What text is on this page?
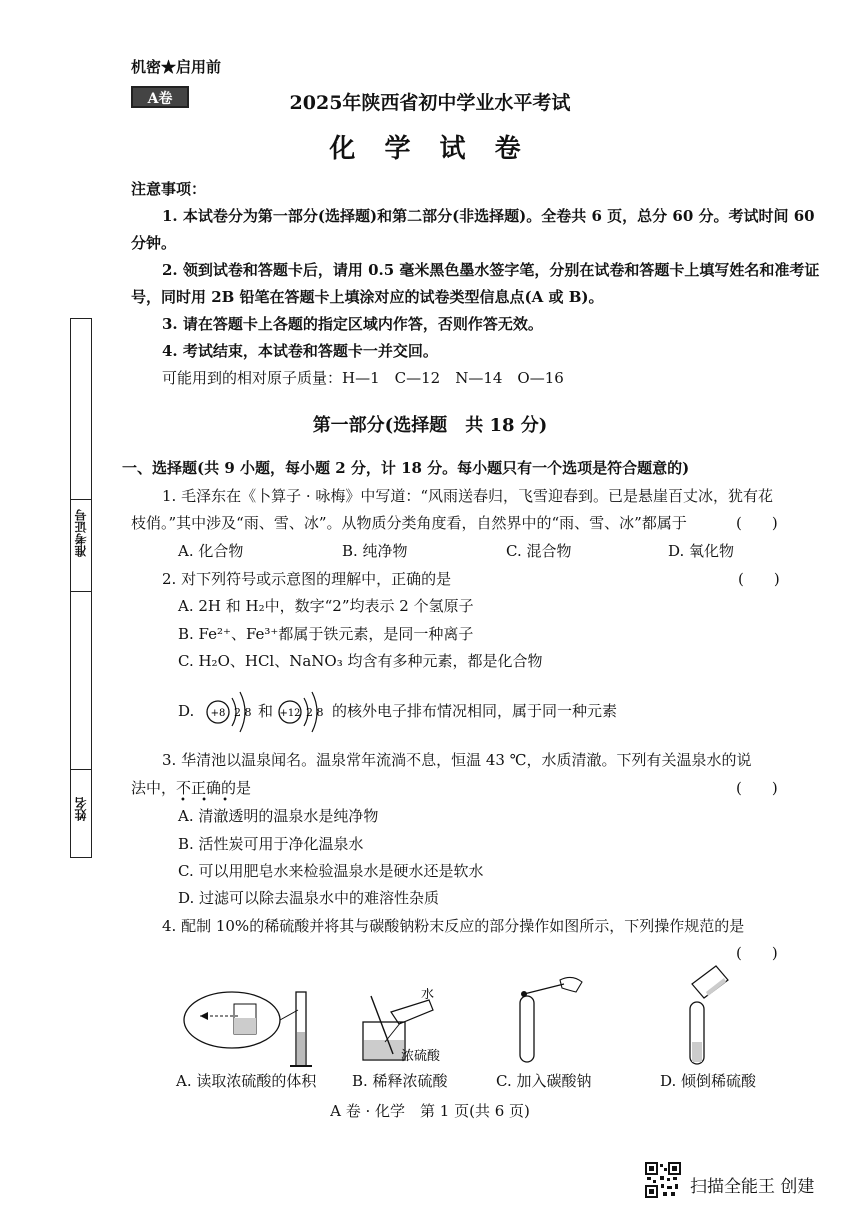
机密★启用前
A卷	2025年陕西省初中学业水平考试
化 学 试 卷
注意事项：
1. 本试卷分为第一部分(选择题)和第二部分(非选择题)。全卷共 6 页，总分 60 分。考试时间 60
分钟。
2. 领到试卷和答题卡后，请用 0.5 毫米黑色墨水签字笔，分别在试卷和答题卡上填写姓名和准考证
号，同时用 2B 铅笔在答题卡上填涂对应的试卷类型信息点(A 或 B)。
3. 请在答题卡上各题的指定区域内作答，否则作答无效。
4. 考试结束，本试卷和答题卡一并交回。
可能用到的相对原子质量：H—1　C—12　N—14　O—16
准考证号
姓名
第一部分(选择题　共 18 分)
一、选择题(共 9 小题，每小题 2 分，计 18 分。每小题只有一个选项是符合题意的)
1. 毛泽东在《卜算子 · 咏梅》中写道：“风雨送春归，飞雪迎春到。已是悬崖百丈冰，犹有花
枝俏。”其中涉及“雨、雪、冰”。从物质分类角度看，自然界中的“雨、雪、冰”都属于	(　　)
A. 化合物	B. 纯净物	C. 混合物	D. 氧化物
2. 对下列符号或示意图的理解中，正确的是	(　　)
A. 2H 和 H₂中，数字“2”均表示 2 个氢原子
B. Fe²⁺、Fe³⁺都属于铁元素，是同一种离子
C. H₂O、HCl、NaNO₃ 均含有多种元素，都是化合物
D. +8 2 8 和 +12 2 8 的核外电子排布情况相同，属于同一种元素
3. 华清池以温泉闻名。温泉常年流淌不息，恒温 43 ℃，水质清澈。下列有关温泉水的说
法中，不正确的是
• • •
(　　)
A. 清澈透明的温泉水是纯净物
B. 活性炭可用于净化温泉水
C. 可以用肥皂水来检验温泉水是硬水还是软水
D. 过滤可以除去温泉水中的难溶性杂质
4. 配制 10%的稀硫酸并将其与碳酸钠粉末反应的部分操作如图所示，下列操作规范的是
(　　)
水
浓硫酸
A. 读取浓硫酸的体积 B. 稀释浓硫酸	C. 加入碳酸钠	D. 倾倒稀硫酸
A 卷 · 化学　第 1 页(共 6 页)
扫描全能王 创建
